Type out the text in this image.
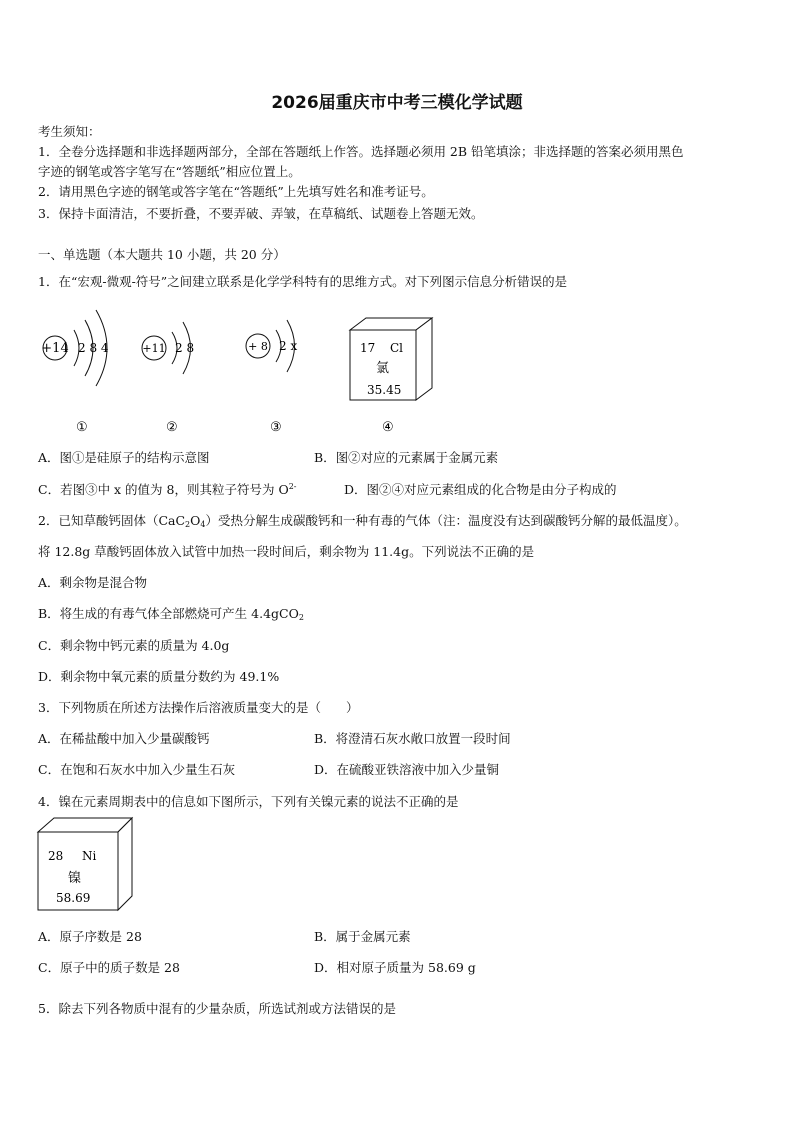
2026届重庆市中考三模化学试题
考生须知：
1．全卷分选择题和非选择题两部分，全部在答题纸上作答。选择题必须用 2B 铅笔填涂；非选择题的答案必须用黑色
字迹的钢笔或答字笔写在“答题纸”相应位置上。
2．请用黑色字迹的钢笔或答字笔在“答题纸”上先填写姓名和准考证号。
3．保持卡面清洁，不要折叠，不要弄破、弄皱，在草稿纸、试题卷上答题无效。
一、单选题（本大题共 10 小题，共 20 分）
1．在“宏观-微观-符号”之间建立联系是化学学科特有的思维方式。对下列图示信息分析错误的是
+14 2 8 4	+11 2 8	+ 8 2 x	17 Cl
氯
35.45
①	②	③	④
A．图①是硅原子的结构示意图	B．图②对应的元素属于金属元素
C．若图③中 x 的值为 8，则其粒子符号为 $O^{2-}$	D．图②④对应元素组成的化合物是由分子构成的
2．已知草酸钙固体$(CaC_2O_4)$受热分解生成碳酸钙和一种有毒的气体（注：温度没有达到碳酸钙分解的最低温度）。
将 12.8g 草酸钙固体放入试管中加热一段时间后，剩余物为 11.4g。下列说法不正确的是
A．剩余物是混合物
B．将生成的有毒气体全部燃烧可产生 4.4gCO$_2$
C．剩余物中钙元素的质量为 4.0g
D．剩余物中氧元素的质量分数约为 49.1%
3．下列物质在所述方法操作后溶液质量变大的是（　　）
A．在稀盐酸中加入少量碳酸钙	B．将澄清石灰水敞口放置一段时间
C．在饱和石灰水中加入少量生石灰	D．在硫酸亚铁溶液中加入少量铜
4．镍在元素周期表中的信息如下图所示，下列有关镍元素的说法不正确的是
28 Ni
镍
58.69
A．原子序数是 28	B．属于金属元素
C．原子中的质子数是 28	D．相对原子质量为 58.69 g
5．除去下列各物质中混有的少量杂质，所选试剂或方法错误的是
